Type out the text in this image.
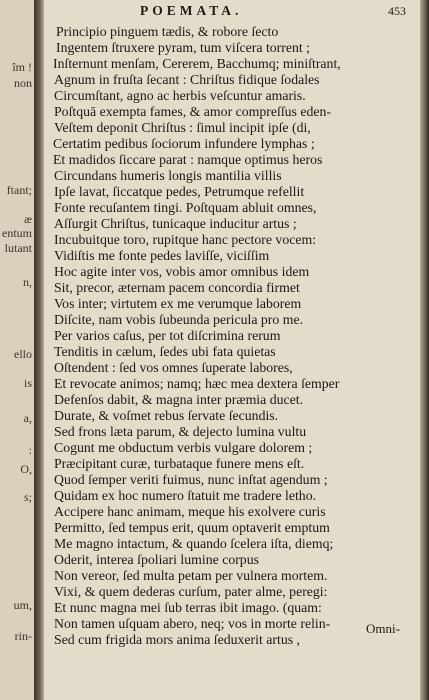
îm !
non
ftant;
æ
entum
lutant
n,
ello
is
a,
:
O,
s;
um,
rin-
POEMATA.	453
Principio pinguem tædis, & robore ſecto
Ingentem ſtruxere pyram, tum viſcera torrent ;
Inſternunt menſam, Cererem, Bacchumq; miniſtrant,
Agnum in fruſta ſecant : Chriſtus fidique ſodales
Circumſtant, agno ac herbis veſcuntur amaris.
Poſtquā exempta fames, & amor compreſſus eden-
Veſtem deponit Chriſtus : ſimul incipit ipſe (di,
Certatim pedibus ſociorum infundere lymphas ;
Et madidos ſiccare parat : namque optimus heros
Circundans humeris longis mantilia villis
Ipſe lavat, ſiccatque pedes, Petrumque refellit
Fonte recuſantem tingi. Poſtquam abluit omnes,
Aſſurgit Chriſtus, tunicaque inducitur artus ;
Incubuitque toro, rupitque hanc pectore vocem:
Vidiſtis me fonte pedes laviſſe, viciſſim
Hoc agite inter vos, vobis amor omnibus idem
Sit, precor, æternam pacem concordia firmet
Vos inter; virtutem ex me verumque laborem
Diſcite, nam vobis ſubeunda pericula pro me.
Per varios caſus, per tot diſcrimina rerum
Tenditis in cælum, ſedes ubi fata quietas
Oſtendent : ſed vos omnes ſuperate labores,
Et revocate animos; namq; hæc mea dextera ſemper
Defenſos dabit, & magna inter præmia ducet.
Durate, & voſmet rebus ſervate ſecundis.
Sed frons læta parum, & dejecto lumina vultu
Cogunt me obductum verbis vulgare dolorem ;
Præcipitant curæ, turbataque funere mens eſt.
Quod ſemper veriti fuimus, nunc inſtat agendum ;
Quidam ex hoc numero ſtatuit me tradere letho.
Accipere hanc animam, meque his exolvere curis
Permitto, ſed tempus erit, quum optaverit emptum
Me magno intactum, & quando ſcelera iſta, diemq;
Oderit, interea ſpoliari lumine corpus
Non vereor, ſed multa petam per vulnera mortem.
Vixi, & quem dederas curſum, pater alme, peregi:
Et nunc magna mei ſub terras ibit imago. (quam:
Non tamen uſquam abero, neq; vos in morte relin-
Sed cum frigida mors anima ſeduxerit artus ,
Omni-
